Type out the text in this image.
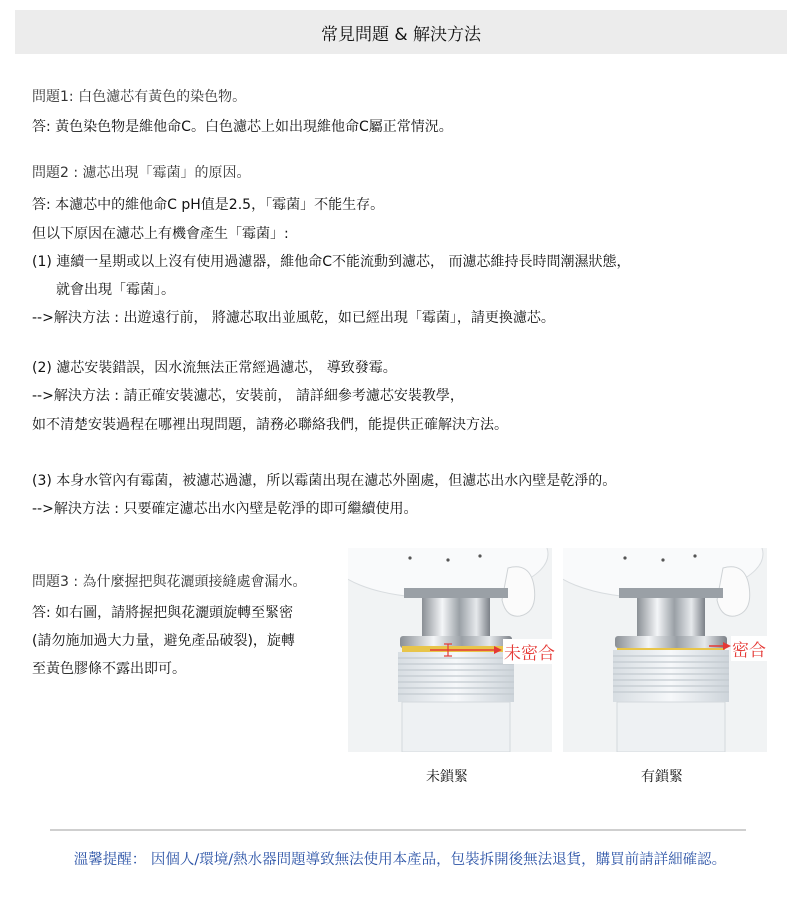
常見問題 & 解決方法
問題1: 白色濾芯有黃色的染色物。
答: 黃色染色物是維他命C。白色濾芯上如出現維他命C屬正常情況。
問題2 : 濾芯出現「霉菌」的原因。
答: 本濾芯中的維他命C pH值是2.5，「霉菌」不能生存。
但以下原因在濾芯上有機會產生「霉菌」:
(1) 連續一星期或以上沒有使用過濾器，維他命C不能流動到濾芯， 而濾芯維持長時間潮濕狀態，
就會出現「霉菌」。
-->解決方法 : 出遊遠行前， 將濾芯取出並風乾，如已經出現「霉菌」，請更換濾芯。
(2) 濾芯安裝錯誤，因水流無法正常經過濾芯， 導致發霉。
-->解決方法 : 請正確安裝濾芯，安裝前， 請詳細參考濾芯安裝教學，
如不清楚安裝過程在哪裡出現問題，請務必聯絡我們，能提供正確解決方法。
(3) 本身水管內有霉菌，被濾芯過濾，所以霉菌出現在濾芯外圍處，但濾芯出水內壁是乾淨的。
-->解決方法 : 只要確定濾芯出水內壁是乾淨的即可繼續使用。
問題3 : 為什麼握把與花灑頭接縫處會漏水。
答: 如右圖，請將握把與花灑頭旋轉至緊密
(請勿施加過大力量，避免產品破裂)，旋轉
至黃色膠條不露出即可。
未密合
未鎖緊
密合
有鎖緊
溫馨提醒： 因個人/環境/熱水器問題導致無法使用本產品，包裝拆開後無法退貨，購買前請詳細確認。
